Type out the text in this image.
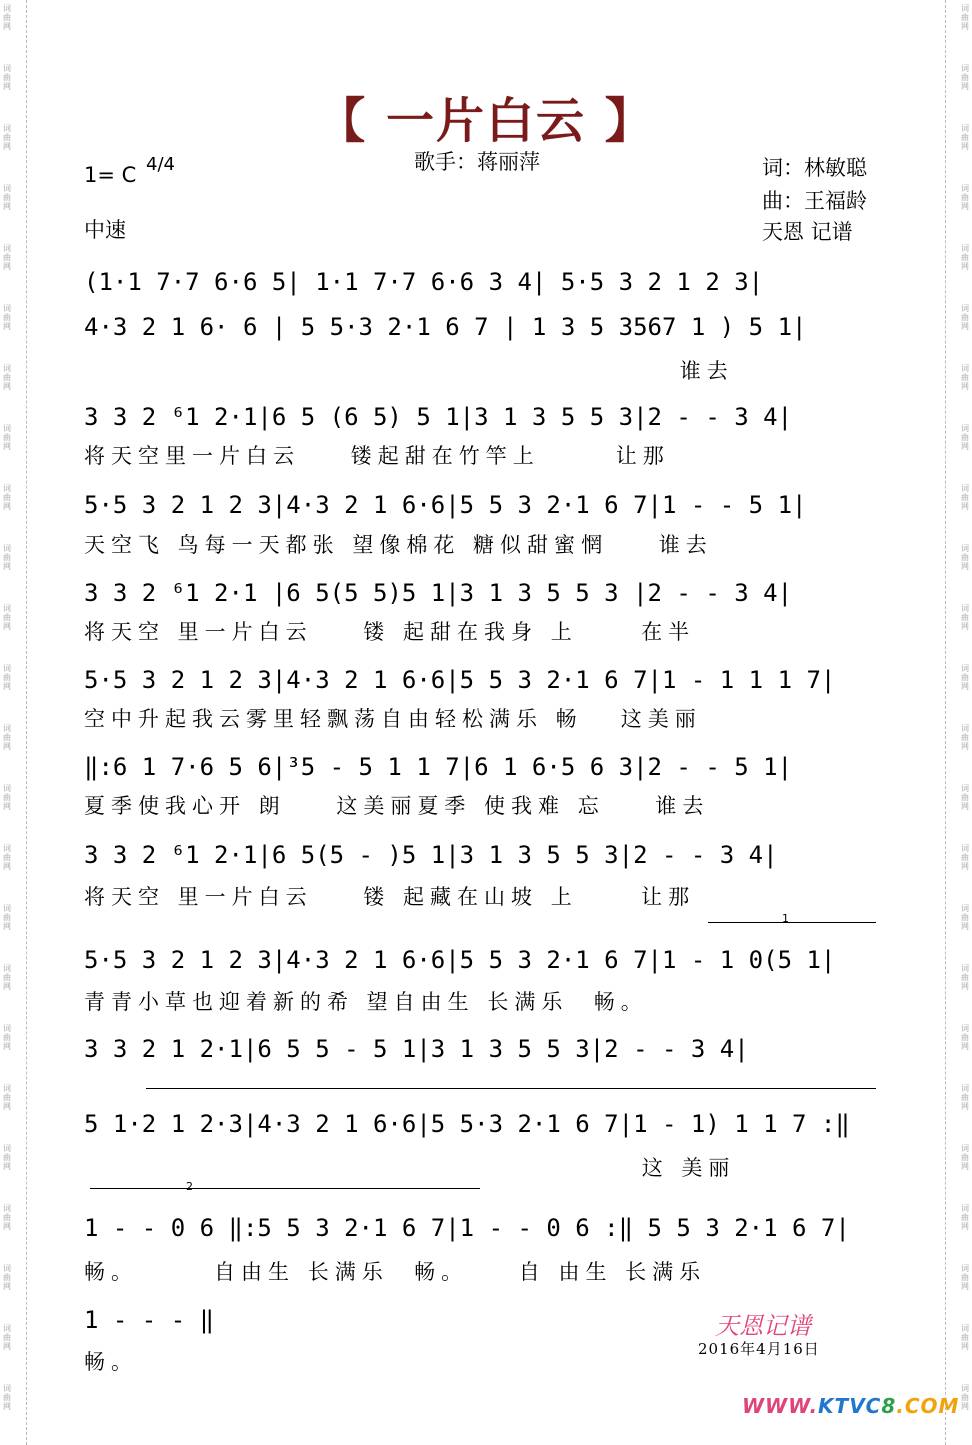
词曲网
词曲网
词曲网
词曲网
词曲网
词曲网
词曲网
词曲网
词曲网
词曲网
词曲网
词曲网
词曲网
词曲网
词曲网
词曲网
词曲网
词曲网
词曲网
词曲网
词曲网
词曲网
词曲网
词曲网
词曲网
词曲网
词曲网
词曲网
词曲网
词曲网
词曲网
词曲网
词曲网
词曲网
词曲网
词曲网
词曲网
词曲网
词曲网
词曲网
词曲网
词曲网
词曲网
词曲网
词曲网
词曲网
词曲网
词曲网
【 一片白云 】
歌手：蒋丽萍
1= C 4/4
中速
词：林敏聪
曲：王福龄
天恩 记谱
(1·1 7·7 6·6 5| 1·1 7·7 6·6 3 4| 5·5 3 2 1 2 3|
4·3 2 1 6· 6 | 5 5·3 2·1 6 7 | 1 3 5 3567 1 ) 5 1|
谁去
3 3 2 ⁶1 2·1|6 5 (6 5) 5 1|3 1 3 5 5 3|2 - - 3 4|
将天空里一片白云    镂起甜在竹竿上      让那
5·5 3 2 1 2 3|4·3 2 1 6·6|5 5 3 2·1 6 7|1 - - 5 1|
天空飞 鸟每一天都张 望像棉花 糖似甜蜜惘    谁去
3 3 2 ⁶1 2·1 |6 5(5 5)5 1|3 1 3 5 5 3 |2 - - 3 4|
将天空 里一片白云    镂 起甜在我身 上     在半
5·5 3 2 1 2 3|4·3 2 1 6·6|5 5 3 2·1 6 7|1 - 1 1 1 7|
空中升起我云雾里轻飘荡自由轻松满乐 畅   这美丽
‖:6 1 7·6 5 6|³5 - 5 1 1 7|6 1 6·5 6 3|2 - - 5 1|
夏季使我心开 朗    这美丽夏季 使我难 忘    谁去
3 3 2 ⁶1 2·1|6 5(5 - )5 1|3 1 3 5 5 3|2 - - 3 4|
将天空 里一片白云    镂 起藏在山坡 上     让那
1
5·5 3 2 1 2 3|4·3 2 1 6·6|5 5 3 2·1 6 7|1 - 1 0(5 1|
青青小草也迎着新的希 望自由生 长满乐  畅。
3 3 2 1 2·1|6 5 5 - 5 1|3 1 3 5 5 3|2 - - 3 4|
5 1·2 1 2·3|4·3 2 1 6·6|5 5·3 2·1 6 7|1 - 1) 1 1 7 :‖
这 美丽
2
1 - - 0 6 ‖:5 5 3 2·1 6 7|1 - - 0 6 :‖ 5 5 3 2·1 6 7|
畅。      自由生 长满乐  畅。    自 由生 长满乐
1 - - - ‖
畅。
天恩记谱
2016年4月16日
WWW.KTVC8.COM
